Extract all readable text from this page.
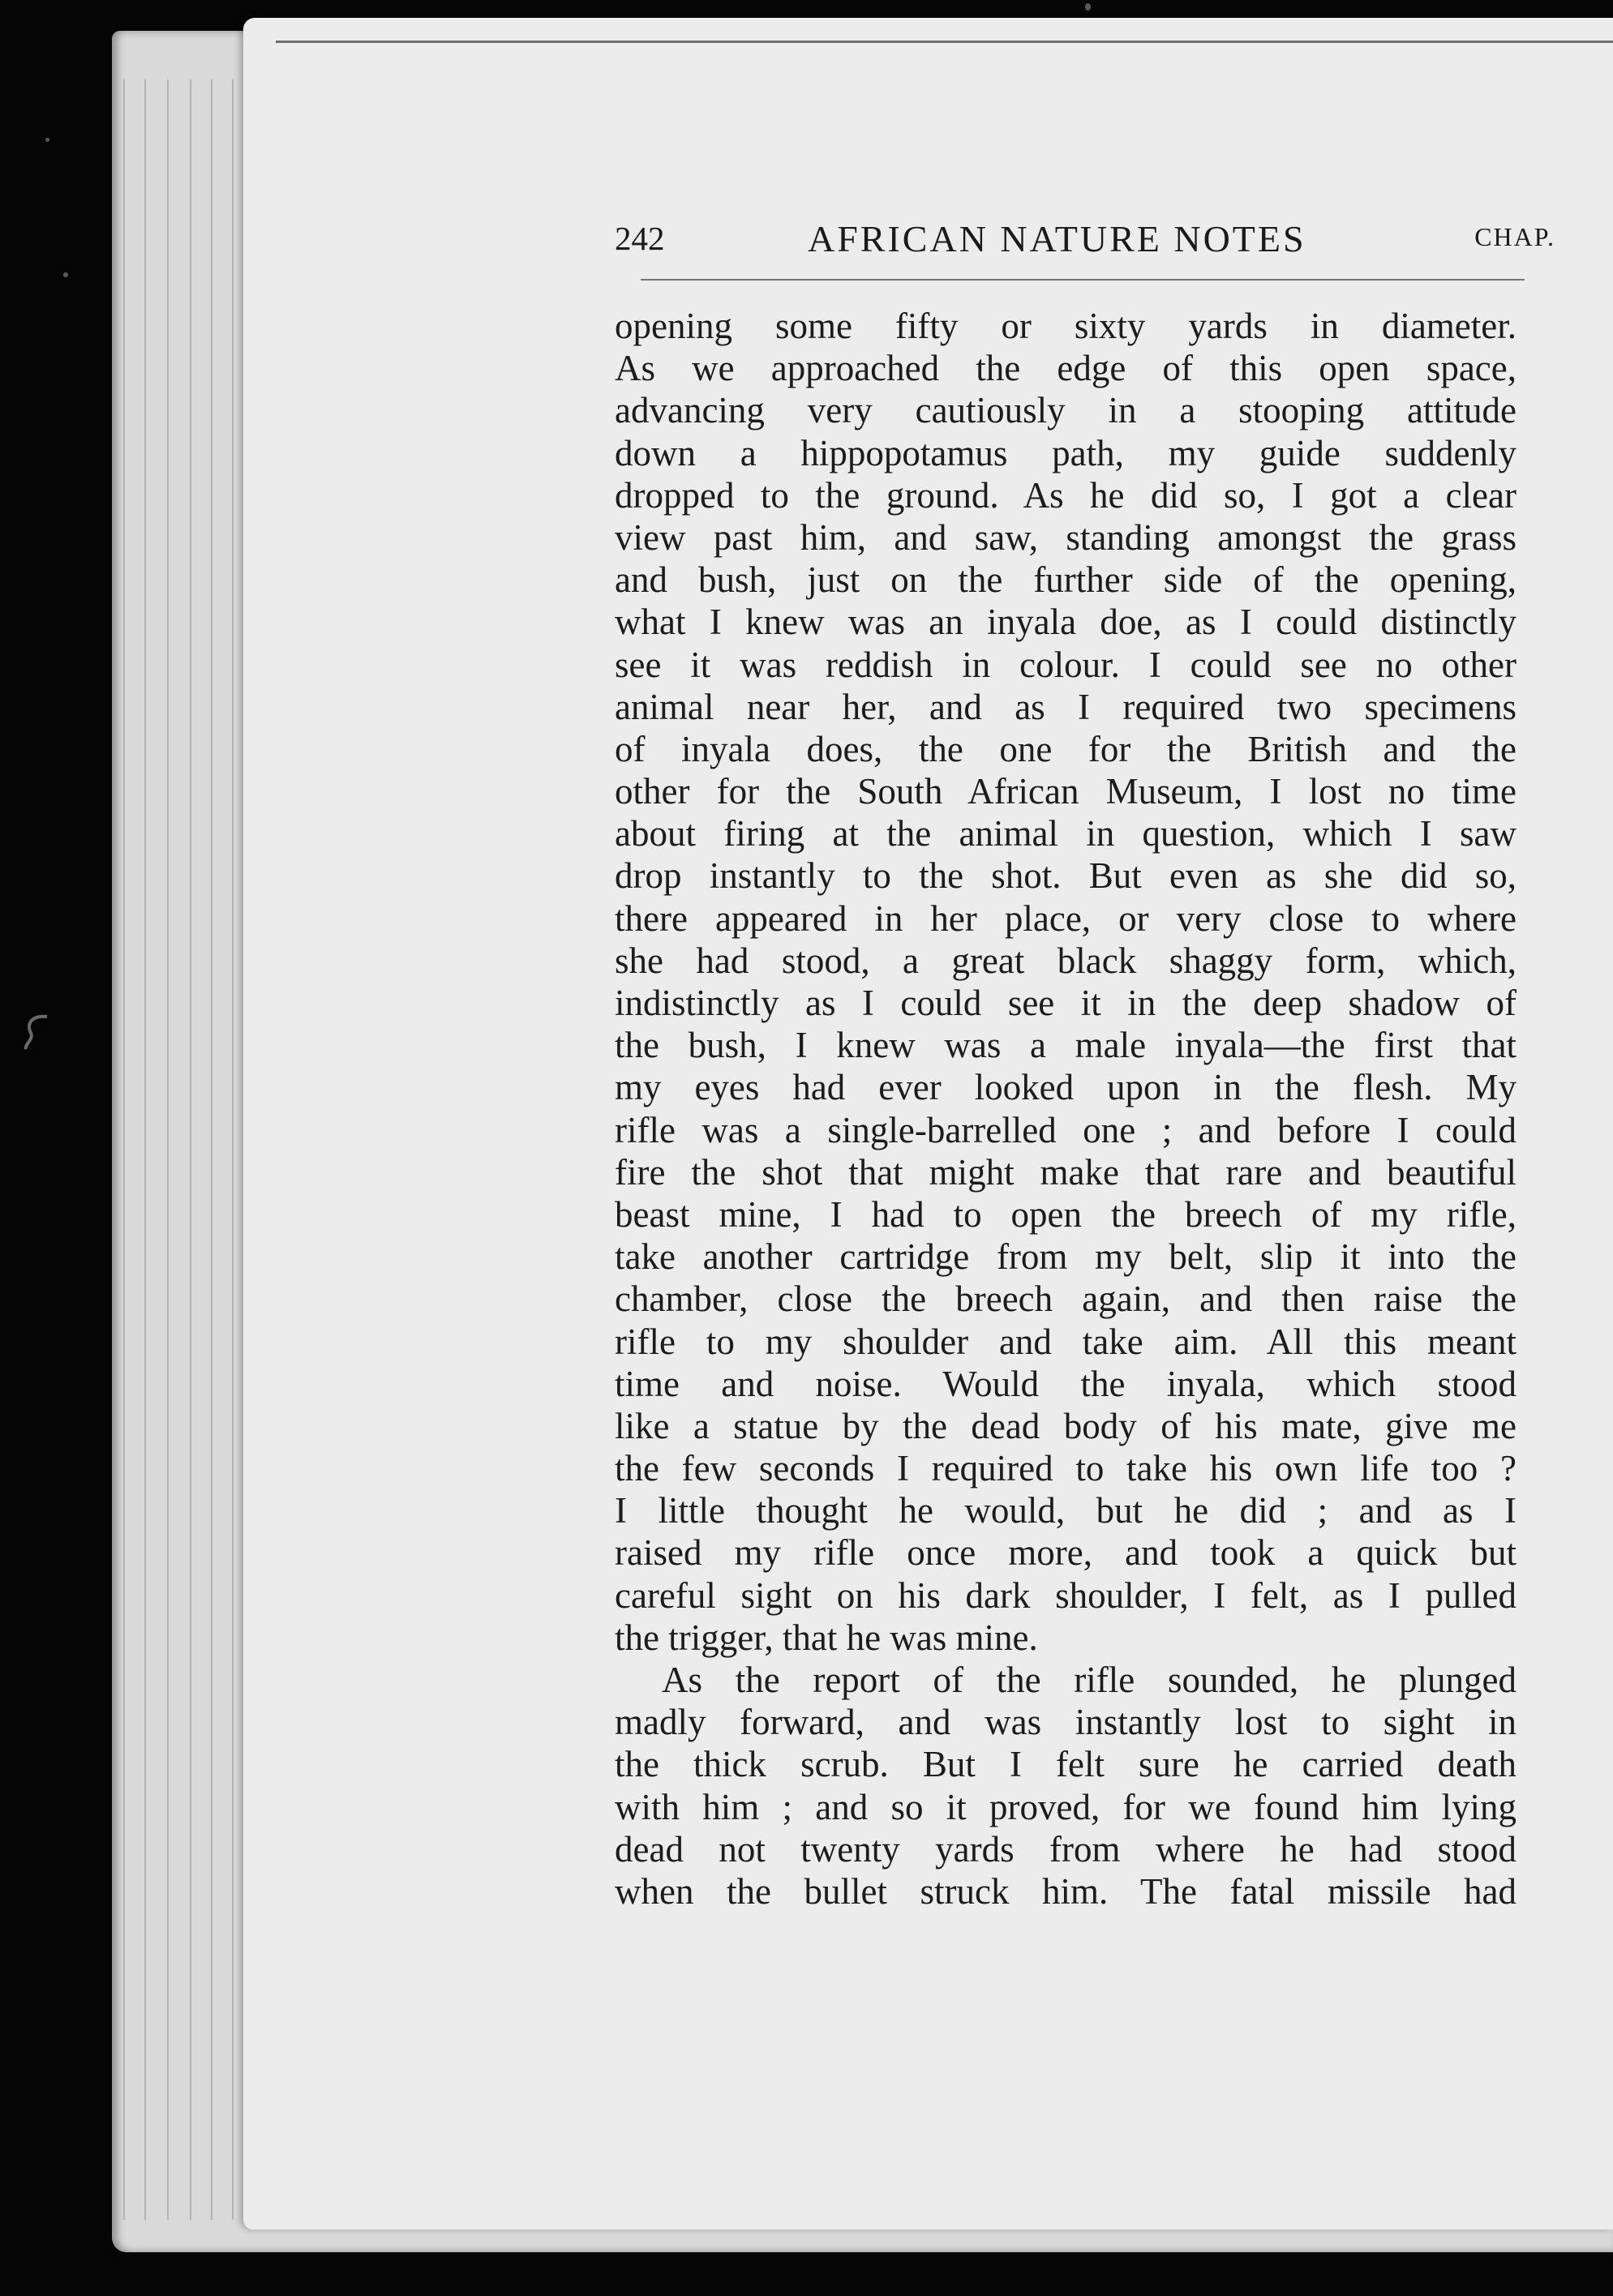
242	AFRICAN NATURE NOTES	CHAP.
opening some fifty or sixty yards in diameter.
As we approached the edge of this open space,
advancing very cautiously in a stooping attitude
down a hippopotamus path, my guide suddenly
dropped to the ground. As he did so, I got a clear
view past him, and saw, standing amongst the grass
and bush, just on the further side of the opening,
what I knew was an inyala doe, as I could distinctly
see it was reddish in colour. I could see no other
animal near her, and as I required two specimens
of inyala does, the one for the British and the
other for the South African Museum, I lost no time
about firing at the animal in question, which I saw
drop instantly to the shot. But even as she did so,
there appeared in her place, or very close to where
she had stood, a great black shaggy form, which,
indistinctly as I could see it in the deep shadow of
the bush, I knew was a male inyala—the first that
my eyes had ever looked upon in the flesh. My
rifle was a single-barrelled one ; and before I could
fire the shot that might make that rare and beautiful
beast mine, I had to open the breech of my rifle,
take another cartridge from my belt, slip it into the
chamber, close the breech again, and then raise the
rifle to my shoulder and take aim. All this meant
time and noise. Would the inyala, which stood
like a statue by the dead body of his mate, give me
the few seconds I required to take his own life too ?
I little thought he would, but he did ; and as I
raised my rifle once more, and took a quick but
careful sight on his dark shoulder, I felt, as I pulled
the trigger, that he was mine.
As the report of the rifle sounded, he plunged
madly forward, and was instantly lost to sight in
the thick scrub. But I felt sure he carried death
with him ; and so it proved, for we found him lying
dead not twenty yards from where he had stood
when the bullet struck him. The fatal missile had
